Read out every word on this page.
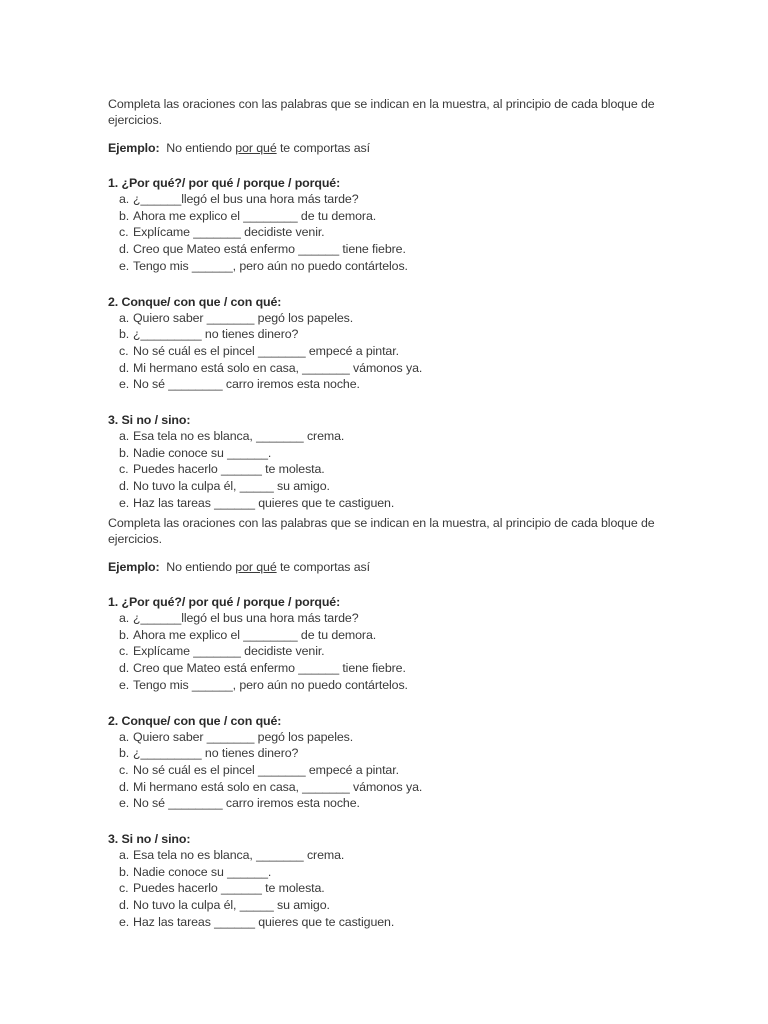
Completa las oraciones con las palabras que se indican en la muestra, al principio de cada bloque de ejercicios.

Ejemplo: No entiendo por qué te comportas así
1. ¿Por qué?/ por qué / porque / porqué:
a. ¿______llegó el bus una hora más tarde?
b. Ahora me explico el ________ de tu demora.
c. Explícame _______ decidiste venir.
d. Creo que Mateo está enfermo ______ tiene fiebre.
e. Tengo mis ______, pero aún no puedo contártelos.
2. Conque/ con que / con qué:
a. Quiero saber _______ pegó los papeles.
b. ¿_________ no tienes dinero?
c. No sé cuál es el pincel _______ empecé a pintar.
d. Mi hermano está solo en casa, _______ vámonos ya.
e. No sé ________ carro iremos esta noche.
3. Si no / sino:
a. Esa tela no es blanca, _______ crema.
b. Nadie conoce su ______.
c. Puedes hacerlo ______ te molesta.
d. No tuvo la culpa él, _____ su amigo.
e. Haz las tareas ______ quieres que te castiguen.

Completa las oraciones con las palabras que se indican en la muestra, al principio de cada bloque de ejercicios.

Ejemplo: No entiendo por qué te comportas así
1. ¿Por qué?/ por qué / porque / porqué:
a. ¿______llegó el bus una hora más tarde?
b. Ahora me explico el ________ de tu demora.
c. Explícame _______ decidiste venir.
d. Creo que Mateo está enfermo ______ tiene fiebre.
e. Tengo mis ______, pero aún no puedo contártelos.
2. Conque/ con que / con qué:
a. Quiero saber _______ pegó los papeles.
b. ¿_________ no tienes dinero?
c. No sé cuál es el pincel _______ empecé a pintar.
d. Mi hermano está solo en casa, _______ vámonos ya.
e. No sé ________ carro iremos esta noche.
3. Si no / sino:
a. Esa tela no es blanca, _______ crema.
b. Nadie conoce su ______.
c. Puedes hacerlo ______ te molesta.
d. No tuvo la culpa él, _____ su amigo.
e. Haz las tareas ______ quieres que te castiguen.
